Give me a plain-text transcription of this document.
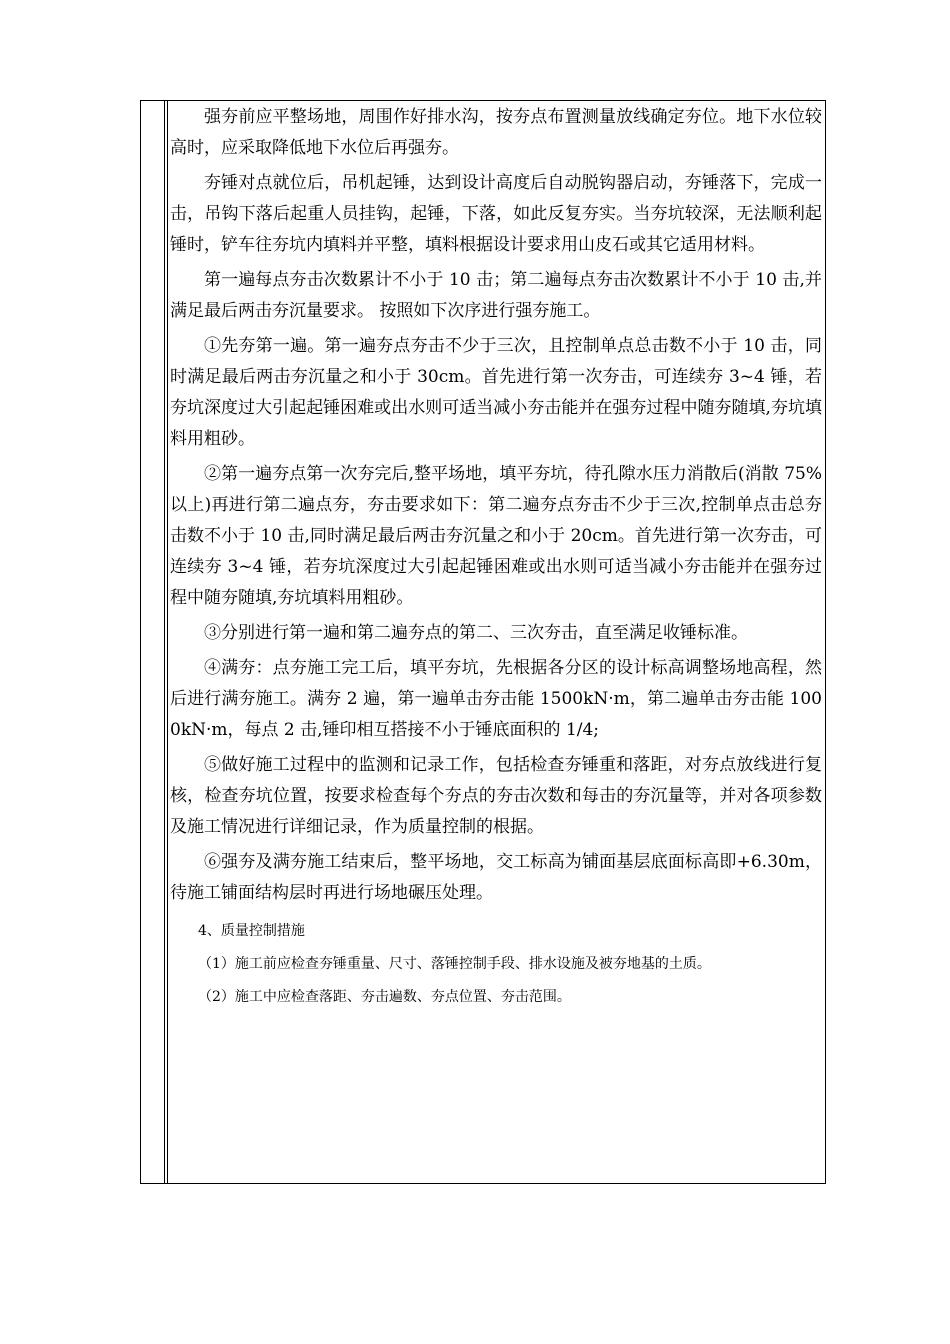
强夯前应平整场地，周围作好排水沟，按夯点布置测量放线确定夯位。地下水位较高时，应采取降低地下水位后再强夯。

夯锤对点就位后，吊机起锤，达到设计高度后自动脱钩器启动，夯锤落下，完成一击，吊钩下落后起重人员挂钩，起锤，下落，如此反复夯实。当夯坑较深，无法顺利起锤时，铲车往夯坑内填料并平整，填料根据设计要求用山皮石或其它适用材料。

第一遍每点夯击次数累计不小于 10 击；第二遍每点夯击次数累计不小于 10 击,并满足最后两击夯沉量要求。 按照如下次序进行强夯施工。

①先夯第一遍。第一遍夯点夯击不少于三次，且控制单点总击数不小于 10 击，同时满足最后两击夯沉量之和小于 30cm。首先进行第一次夯击，可连续夯 3~4 锤，若夯坑深度过大引起起锤困难或出水则可适当减小夯击能并在强夯过程中随夯随填,夯坑填料用粗砂。

②第一遍夯点第一次夯完后,整平场地，填平夯坑，待孔隙水压力消散后(消散 75%以上)再进行第二遍点夯，夯击要求如下：第二遍夯点夯击不少于三次,控制单点击总夯击数不小于 10 击,同时满足最后两击夯沉量之和小于 20cm。首先进行第一次夯击，可连续夯 3~4 锤，若夯坑深度过大引起起锤困难或出水则可适当减小夯击能并在强夯过程中随夯随填,夯坑填料用粗砂。

③分别进行第一遍和第二遍夯点的第二、三次夯击，直至满足收锤标准。

④满夯：点夯施工完工后，填平夯坑，先根据各分区的设计标高调整场地高程，然后进行满夯施工。满夯 2 遍，第一遍单击夯击能 1500kN·m，第二遍单击夯击能 1000kN·m，每点 2 击,锤印相互搭接不小于锤底面积的 1/4;

⑤做好施工过程中的监测和记录工作，包括检查夯锤重和落距，对夯点放线进行复核，检查夯坑位置，按要求检查每个夯点的夯击次数和每击的夯沉量等，并对各项参数及施工情况进行详细记录，作为质量控制的根据。

⑥强夯及满夯施工结束后，整平场地，交工标高为铺面基层底面标高即+6.30m，待施工铺面结构层时再进行场地碾压处理。

4、质量控制措施

（1）施工前应检查夯锤重量、尺寸、落锤控制手段、排水设施及被夯地基的土质。

（2）施工中应检查落距、夯击遍数、夯点位置、夯击范围。
